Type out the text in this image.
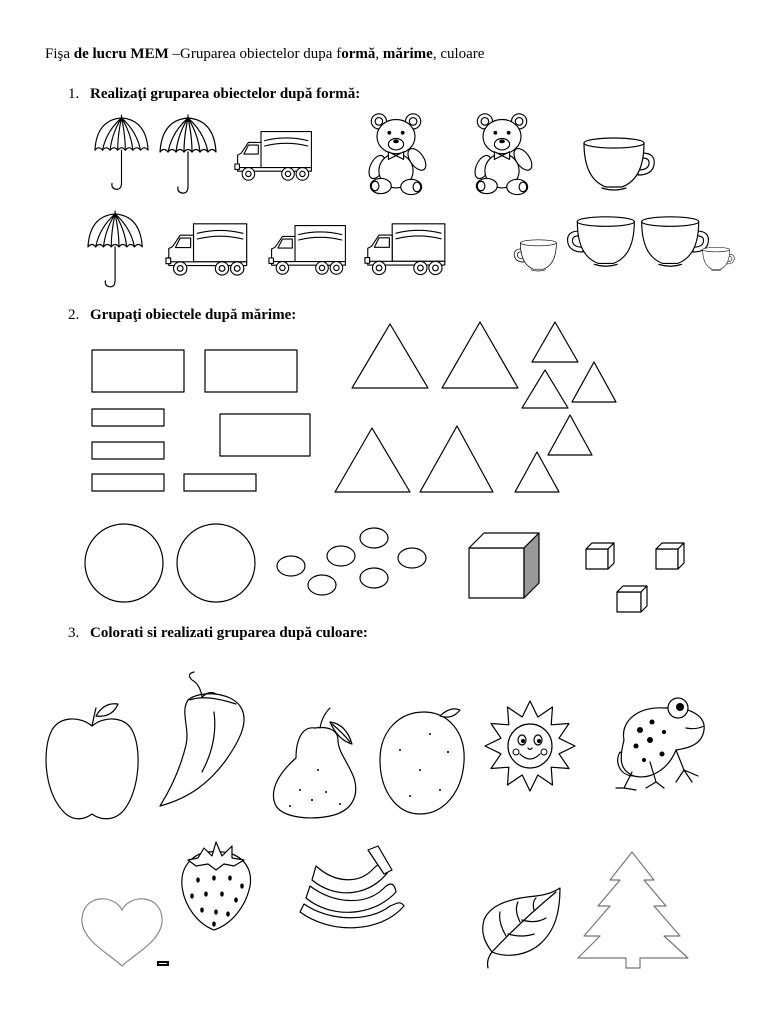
Fişa de lucru MEM –Gruparea obiectelor dupa formă, mărime, culoare
1. Realizaţi gruparea obiectelor după formă:
2. Grupaţi obiectele după mărime:
3. Colorati si realizati gruparea după culoare:
